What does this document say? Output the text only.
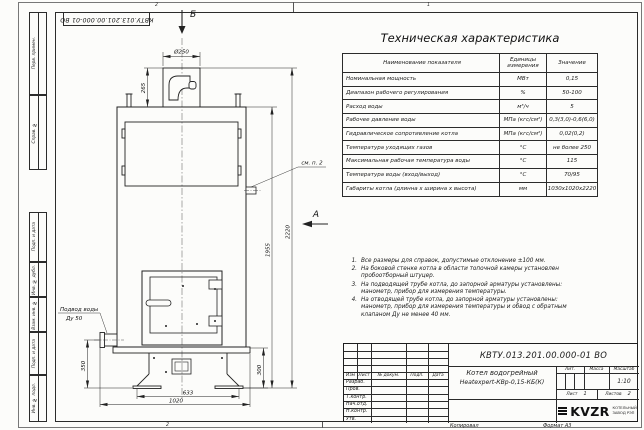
2	1
2
Перв. примен.
Справ. №
Подп. и дата
Инв. № дубл.
Взам. инв. №
Подп. и дата
Инв. № подл.
КВТУ.013.201.00.000-01 ВО	Б
см. п. 2
А
Подвод воды
Ду 50
Ø250
265
1955
2220
350	300
633
1020
Техническая характеристика
Наименование показателя
Единицы измерения
Значение
Номинальная мощность	МВт	0,15
Диапазон рабочего регулирования	%	50-100
Расход воды	м³/ч	5
Рабочее давление воды	МПа (кгс/см²)	0,3(3,0)-0,6(6,0)
Гидравлическое сопротивление котла	МПа (кгс/см²)	0,02(0,2)
Температура уходящих газов	°С	не более 250
Максимальная рабочая температура воды	°С	115
Температура воды (вход/выход)	°С	70/95
Габариты котла (длинна х ширина х высота)	мм	1030х1020х2220
1. Все размеры для справок, допустимые отклонение ±100 мм.
2. На боковой стенке котла в области топочной камеры установлен пробоотборный штуцер.
3. На подводящей трубе котла, до запорной арматуры установлены: манометр, прибор для измерения температуры.
4. На отводящей трубе котла, до запорной арматуры установлены: манометр, прибор для измерения температуры и обвод с обратным клапаном Ду не менее 40 мм.
Изм Лист	№ докум.	Подп.	Дата
Разраб.
Пров.
Т.контр.
Нач.отд.
Н.контр.
Утв.
КВТУ.013.201.00.000-01 ВО
Котел водогрейный
Heatexpert-КВр-0,15-КБ(К)
Лит.	Масса	Масштаб
1:10
Лист 1	Листов 2
KVZR КОТЕЛЬНЫЙ
ЗАВОД РЭП
Копировал	Формат А3
